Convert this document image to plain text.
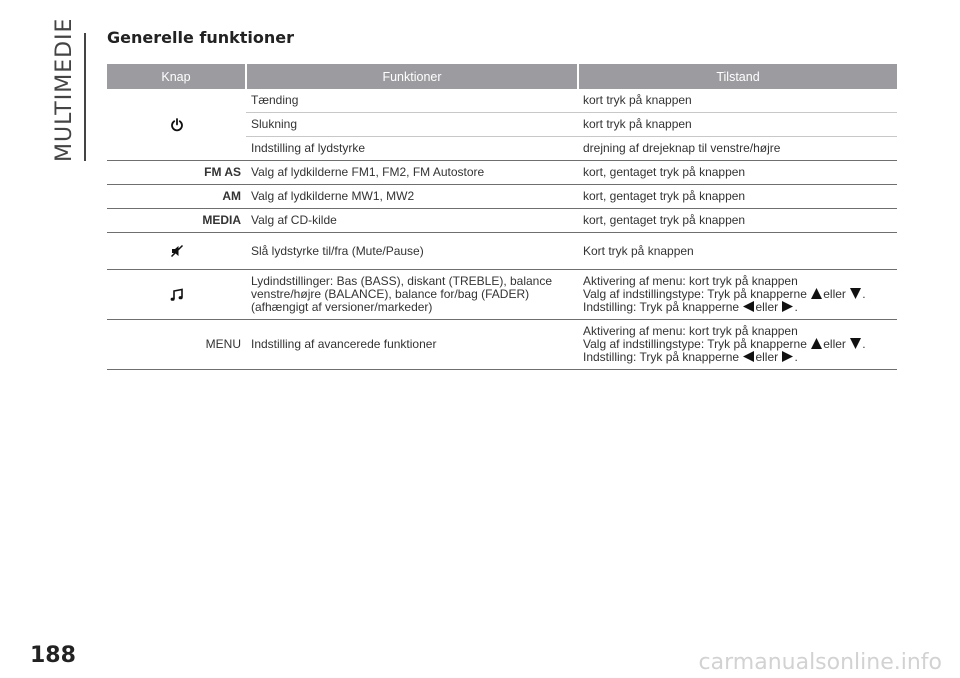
MULTIMEDIE Generelle funktioner
Knap	Funktioner	Tilstand
	Tænding	kort tryk på knappen
	Slukning	kort tryk på knappen
	Indstilling af lydstyrke	drejning af drejeknap til venstre/højre
FM AS	Valg af lydkilderne FM1, FM2, FM Autostore	kort, gentaget tryk på knappen
AM	Valg af lydkilderne MW1, MW2	kort, gentaget tryk på knappen
MEDIA	Valg af CD-kilde	kort, gentaget tryk på knappen
	Slå lydstyrke til/fra (Mute/Pause)	Kort tryk på knappen
	Lydindstillinger: Bas (BASS), diskant (TREBLE), balance
venstre/højre (BALANCE), balance for/bag (FADER)
(afhængigt af versioner/markeder)	Aktivering af menu: kort tryk på knappen
Valg af indstillingstype: Tryk på knapperne eller .
Indstilling: Tryk på knapperne eller .
MENU	Indstilling af avancerede funktioner	Aktivering af menu: kort tryk på knappen
Valg af indstillingstype: Tryk på knapperne eller .
Indstilling: Tryk på knapperne eller .
188	carmanualsonline.info
